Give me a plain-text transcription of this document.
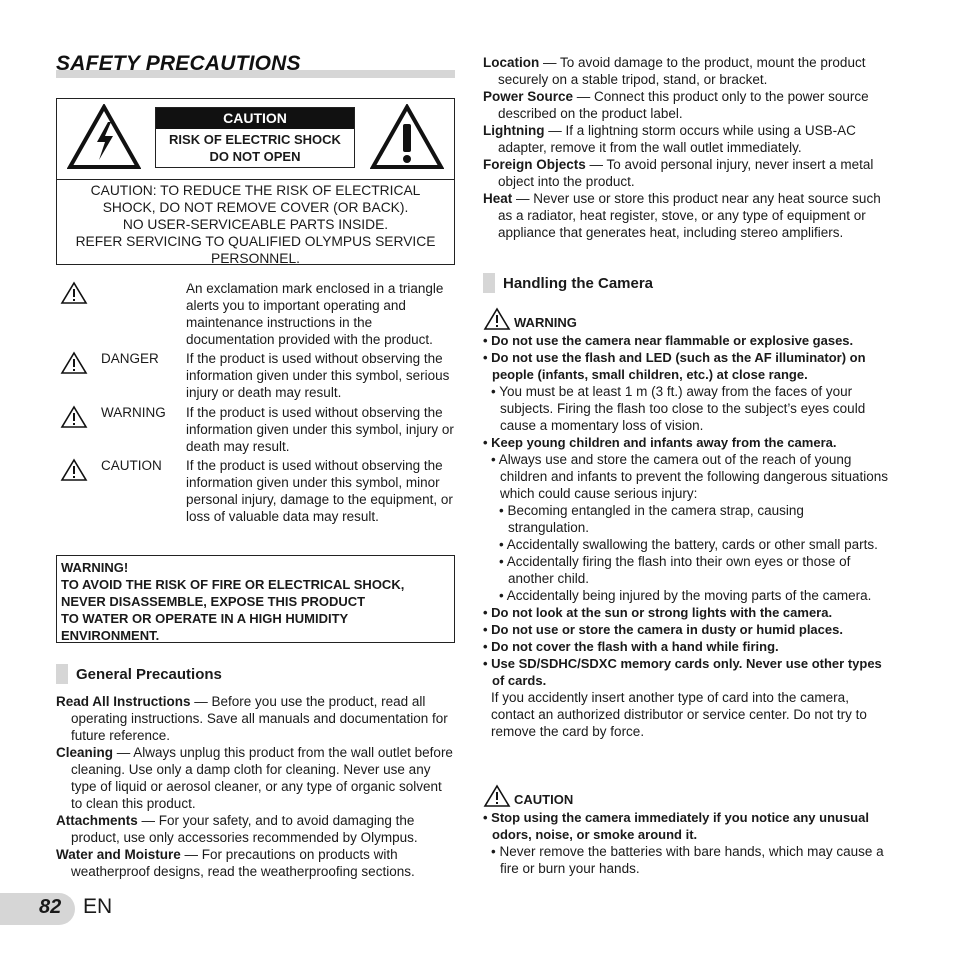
SAFETY PRECAUTIONS
CAUTION
RISK OF ELECTRIC SHOCK
DO NOT OPEN
CAUTION: TO REDUCE THE RISK OF ELECTRICAL
SHOCK, DO NOT REMOVE COVER (OR BACK).
NO USER-SERVICEABLE PARTS INSIDE.
REFER SERVICING TO QUALIFIED OLYMPUS SERVICE
PERSONNEL.
An exclamation mark enclosed in a triangle alerts you to important operating and maintenance instructions in the documentation provided with the product.
DANGER If the product is used without observing the information given under this symbol, serious injury or death may result.
WARNING If the product is used without observing the information given under this symbol, injury or death may result.
CAUTION If the product is used without observing the information given under this symbol, minor personal injury, damage to the equipment, or loss of valuable data may result.
WARNING!
TO AVOID THE RISK OF FIRE OR ELECTRICAL SHOCK,
NEVER DISASSEMBLE, EXPOSE THIS PRODUCT
TO WATER OR OPERATE IN A HIGH HUMIDITY
ENVIRONMENT.
General Precautions
Read All Instructions — Before you use the product, read all operating instructions. Save all manuals and documentation for future reference.
Cleaning — Always unplug this product from the wall outlet before cleaning. Use only a damp cloth for cleaning. Never use any type of liquid or aerosol cleaner, or any type of organic solvent to clean this product.
Attachments — For your safety, and to avoid damaging the product, use only accessories recommended by Olympus.
Water and Moisture — For precautions on products with weatherproof designs, read the weatherproofing sections.
Location — To avoid damage to the product, mount the product securely on a stable tripod, stand, or bracket.
Power Source — Connect this product only to the power source described on the product label.
Lightning — If a lightning storm occurs while using a USB-AC adapter, remove it from the wall outlet immediately.
Foreign Objects — To avoid personal injury, never insert a metal object into the product.
Heat — Never use or store this product near any heat source such as a radiator, heat register, stove, or any type of equipment or appliance that generates heat, including stereo amplifiers.
Handling the Camera
WARNING
• Do not use the camera near flammable or explosive gases.
• Do not use the flash and LED (such as the AF illuminator) on people (infants, small children, etc.) at close range.
• You must be at least 1 m (3 ft.) away from the faces of your subjects. Firing the flash too close to the subject’s eyes could cause a momentary loss of vision.
• Keep young children and infants away from the camera.
• Always use and store the camera out of the reach of young children and infants to prevent the following dangerous situations which could cause serious injury:
• Becoming entangled in the camera strap, causing strangulation.
• Accidentally swallowing the battery, cards or other small parts.
• Accidentally firing the flash into their own eyes or those of another child.
• Accidentally being injured by the moving parts of the camera.
• Do not look at the sun or strong lights with the camera.
• Do not use or store the camera in dusty or humid places.
• Do not cover the flash with a hand while firing.
• Use SD/SDHC/SDXC memory cards only. Never use other types of cards.
If you accidently insert another type of card into the camera, contact an authorized distributor or service center. Do not try to remove the card by force.
CAUTION
• Stop using the camera immediately if you notice any unusual odors, noise, or smoke around it.
• Never remove the batteries with bare hands, which may cause a fire or burn your hands.
82 EN
